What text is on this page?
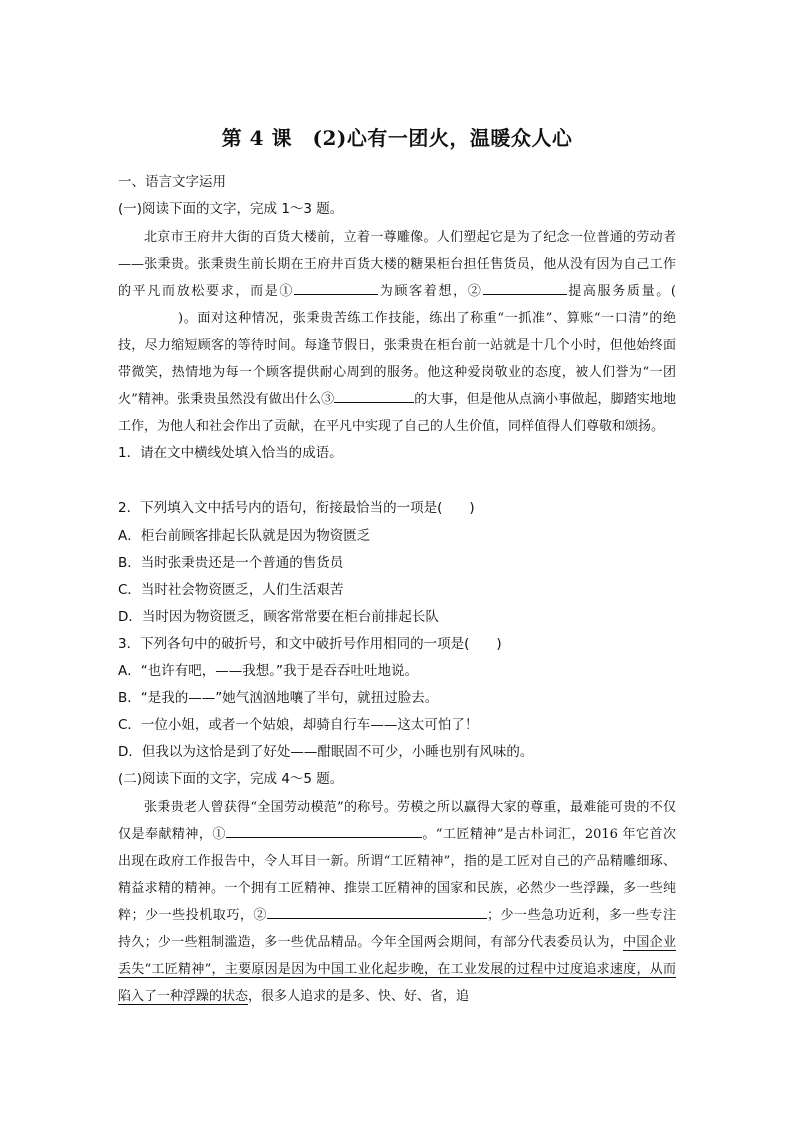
第 4 课　(2)心有一团火，温暖众人心
一、语言文字运用
(一)阅读下面的文字，完成 1～3 题。
北京市王府井大街的百货大楼前，立着一尊雕像。人们塑起它是为了纪念一位普通的劳动者——张秉贵。张秉贵生前长期在王府井百货大楼的糖果柜台担任售货员，他从没有因为自己工作的平凡而放松要求，而是①	为顾客着想，②	提高服务质量。()。面对这种情况，张秉贵苦练工作技能，练出了称重“一抓准”、算账“一口清”的绝技，尽力缩短顾客的等待时间。每逢节假日，张秉贵在柜台前一站就是十几个小时，但他始终面带微笑，热情地为每一个顾客提供耐心周到的服务。他这种爱岗敬业的态度，被人们誉为“一团火”精神。张秉贵虽然没有做出什么③	的大事，但是他从点滴小事做起，脚踏实地地工作，为他人和社会作出了贡献，在平凡中实现了自己的人生价值，同样值得人们尊敬和颂扬。
1．请在文中横线处填入恰当的成语。
2．下列填入文中括号内的语句，衔接最恰当的一项是(　　)
A．柜台前顾客排起长队就是因为物资匮乏
B．当时张秉贵还是一个普通的售货员
C．当时社会物资匮乏，人们生活艰苦
D．当时因为物资匮乏，顾客常常要在柜台前排起长队
3．下列各句中的破折号，和文中破折号作用相同的一项是(　　)
A．“也许有吧，——我想。”我于是吞吞吐吐地说。
B．“是我的——”她气汹汹地嚷了半句，就扭过脸去。
C．一位小姐，或者一个姑娘，却骑自行车——这太可怕了！
D．但我以为这恰是到了好处——酣眠固不可少，小睡也别有风味的。
(二)阅读下面的文字，完成 4～5 题。
张秉贵老人曾获得“全国劳动模范”的称号。劳模之所以赢得大家的尊重，最难能可贵的不仅仅是奉献精神，①	。“工匠精神”是古朴词汇，2016 年它首次出现在政府工作报告中，令人耳目一新。所谓“工匠精神”，指的是工匠对自己的产品精雕细琢、精益求精的精神。一个拥有工匠精神、推崇工匠精神的国家和民族，必然少一些浮躁，多一些纯粹；少一些投机取巧，②	；少一些急功近利，多一些专注持久；少一些粗制滥造，多一些优品精品。今年全国两会期间，有部分代表委员认为，中国企业丢失“工匠精神”，主要原因是因为中国工业化起步晚，在工业发展的过程中过度追求速度，从而陷入了一种浮躁的状态，很多人追求的是多、快、好、省，追
